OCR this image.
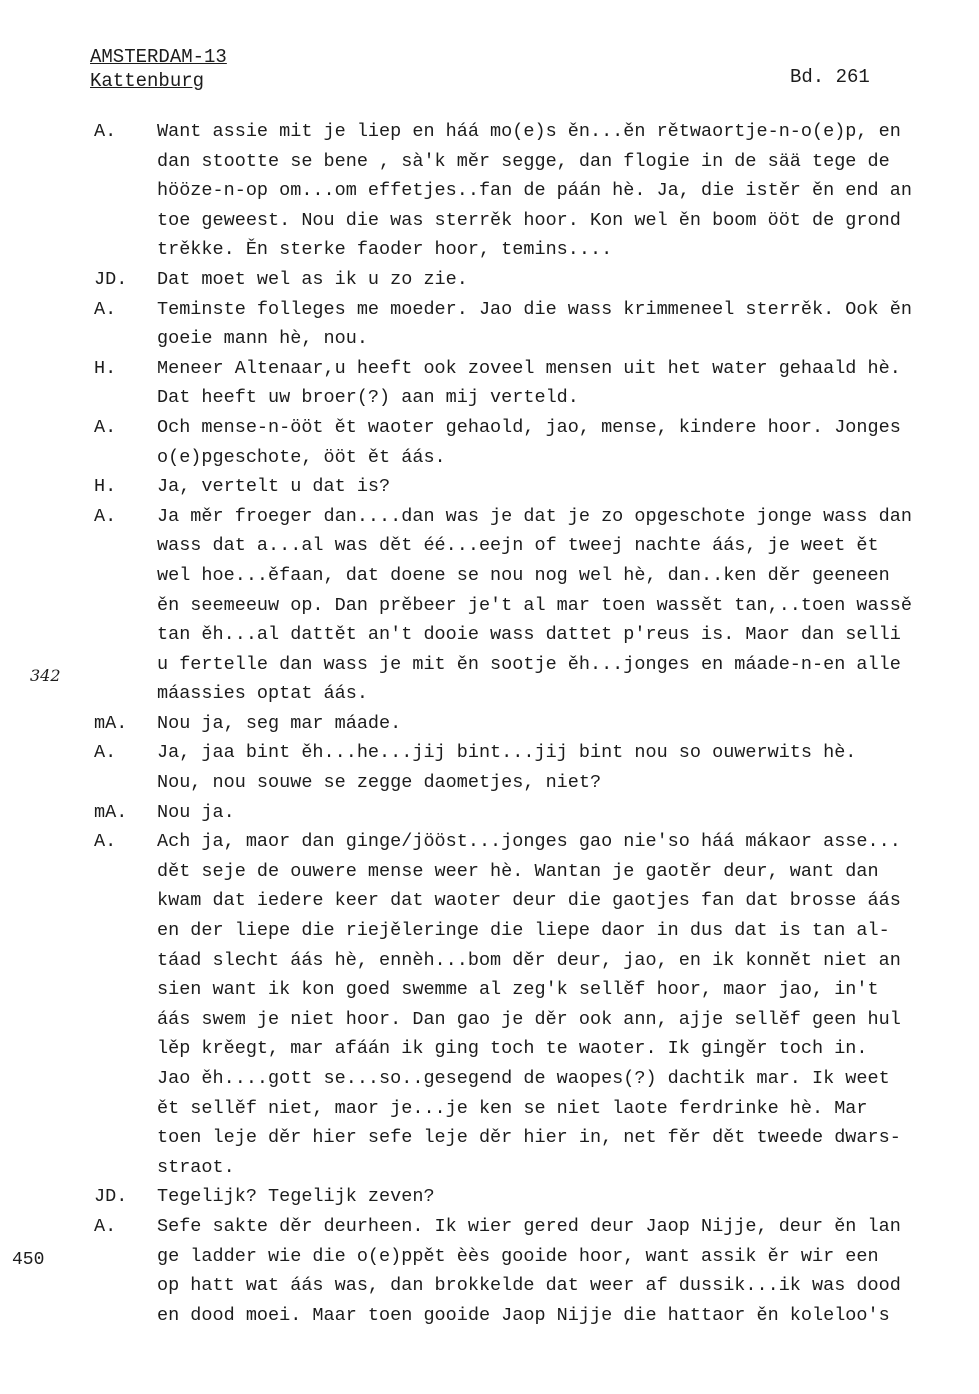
AMSTERDAM-13
Kattenburg	Bd. 261
342
450
A. Want assie mit je liep en háá mo(e)s ěn...ěn rětwaortje-n-o(e)p, en
dan stootte se bene , sà'k měr segge, dan flogie in de sää tege de
hööze-n-op om...om effetjes..fan de páán hè. Ja, die istěr ěn end an
toe geweest. Nou die was sterrěk hoor. Kon wel ěn boom ööt de grond
trěkke. Ěn sterke faoder hoor, temins....
JD. Dat moet wel as ik u zo zie.
A. Teminste folleges me moeder. Jao die wass krimmeneel sterrěk. Ook ěn
goeie mann hè, nou.
H. Meneer Altenaar,u heeft ook zoveel mensen uit het water gehaald hè.
Dat heeft uw broer(?) aan mij verteld.
A. Och mense-n-ööt ět waoter gehaold, jao, mense, kindere hoor. Jonges
o(e)pgeschote, ööt ět áás.
H. Ja, vertelt u dat is?
A. Ja měr froeger dan....dan was je dat je zo opgeschote jonge wass dan
wass dat a...al was dět éé...eejn of tweej nachte áás, je weet ět
wel hoe...ěfaan, dat doene se nou nog wel hè, dan..ken děr geeneen
ěn seemeeuw op. Dan prěbeer je't al mar toen wassět tan,..toen wassě
tan ěh...al dattět an't dooie wass dattet p'reus is. Maor dan selli
u fertelle dan wass je mit ěn sootje ěh...jonges en máade-n-en alle
máassies optat áás.
mA. Nou ja, seg mar máade.
A. Ja, jaa bint ěh...he...jij bint...jij bint nou so ouwerwits hè.
Nou, nou souwe se zegge daometjes, niet?
mA. Nou ja.
A. Ach ja, maor dan ginge/jööst...jonges gao nie'so háá mákaor asse...
dět seje de ouwere mense weer hè. Wantan je gaotěr deur, want dan
kwam dat iedere keer dat waoter deur die gaotjes fan dat brosse áás
en der liepe die riejěleringe die liepe daor in dus dat is tan al-
táad slecht áás hè, ennèh...bom děr deur, jao, en ik konnět niet an
sien want ik kon goed swemme al zeg'k sellěf hoor, maor jao, in't
áás swem je niet hoor. Dan gao je děr ook ann, ajje sellěf geen hul
lěp krěegt, mar afáán ik ging toch te waoter. Ik gingěr toch in.
Jao ěh....gott se...so..gesegend de waopes(?) dachtik mar. Ik weet
ět sellěf niet, maor je...je ken se niet laote ferdrinke hè. Mar
toen leje děr hier sefe leje děr hier in, net fěr dět tweede dwars-
straot.
JD. Tegelijk? Tegelijk zeven?
A. Sefe sakte děr deurheen. Ik wier gered deur Jaop Nijje, deur ěn lan
ge ladder wie die o(e)ppět èès gooide hoor, want assik ěr wir een
op hatt wat áás was, dan brokkelde dat weer af dussik...ik was dood
en dood moei. Maar toen gooide Jaop Nijje die hattaor ěn koleloo's
